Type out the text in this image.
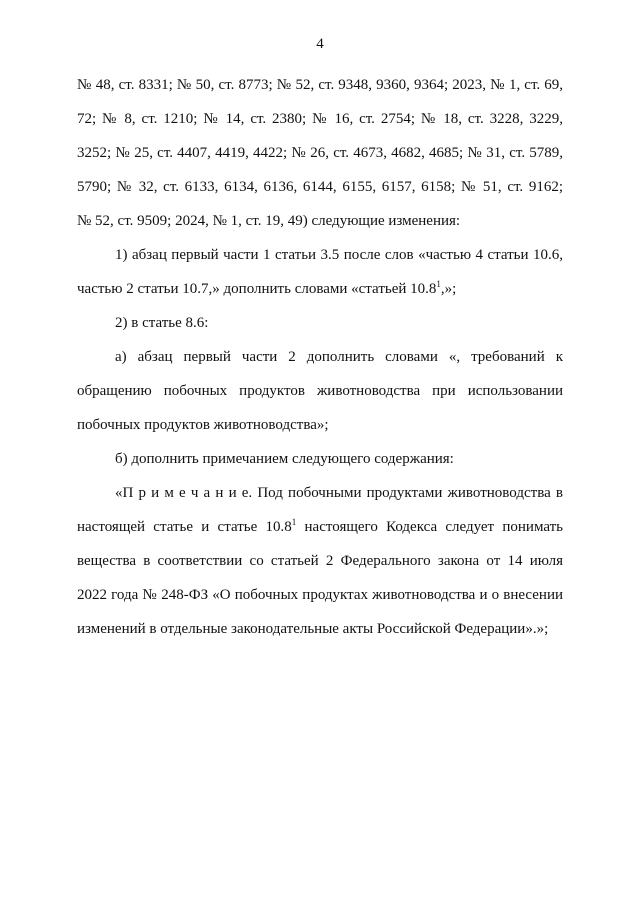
4
№ 48, ст. 8331; № 50, ст. 8773; № 52, ст. 9348, 9360, 9364; 2023, № 1, ст. 69,
72; № 8, ст. 1210; № 14, ст. 2380; № 16, ст. 2754; № 18, ст. 3228, 3229,
3252; № 25, ст. 4407, 4419, 4422; № 26, ст. 4673, 4682, 4685; № 31, ст. 5789,
5790; № 32, ст. 6133, 6134, 6136, 6144, 6155, 6157, 6158; № 51, ст. 9162;
№ 52, ст. 9509; 2024, № 1, ст. 19, 49) следующие изменения:
1) абзац первый части 1 статьи 3.5 после слов «частью 4 статьи 10.6,
частью 2 статьи 10.7,» дополнить словами «статьей 10.8$^1$,»;
2) в статье 8.6:
а) абзац первый части 2 дополнить словами «, требований к
обращению побочных продуктов животноводства при использовании
побочных продуктов животноводства»;
б) дополнить примечанием следующего содержания:
«П р и м е ч а н и е. Под побочными продуктами животноводства в
настоящей статье и статье 10.8$^1$ настоящего Кодекса следует понимать
вещества в соответствии со статьей 2 Федерального закона от 14 июля
2022 года № 248-ФЗ «О побочных продуктах животноводства и о внесении
изменений в отдельные законодательные акты Российской Федерации».»;
